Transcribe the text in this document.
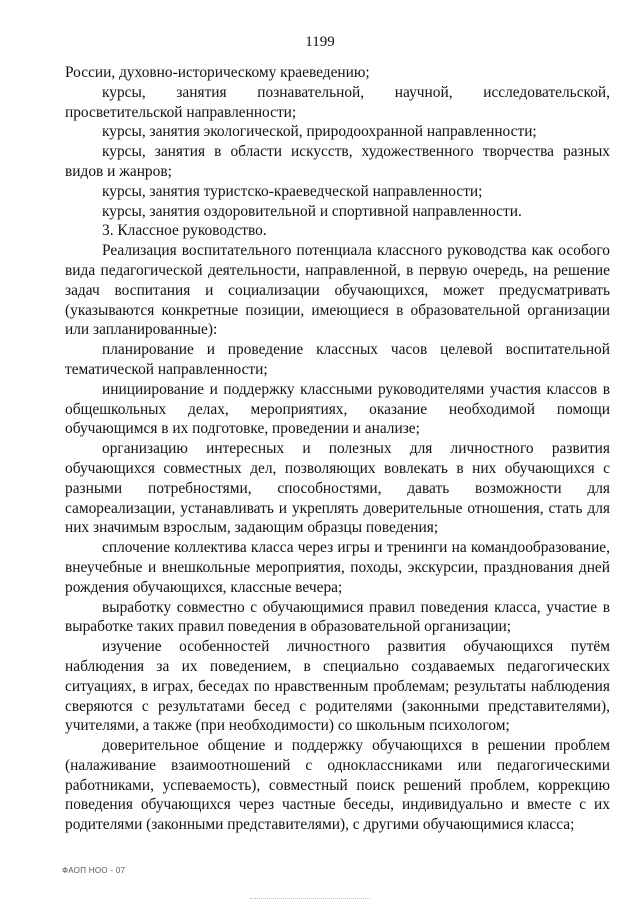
1199

России, духовно-историческому краеведению;

курсы, занятия познавательной, научной, исследовательской, просветительской направленности;

курсы, занятия экологической, природоохранной направленности;

курсы, занятия в области искусств, художественного творчества разных видов и жанров;

курсы, занятия туристско-краеведческой направленности;

курсы, занятия оздоровительной и спортивной направленности.

3. Классное руководство.

Реализация воспитательного потенциала классного руководства как особого вида педагогической деятельности, направленной, в первую очередь, на решение задач воспитания и социализации обучающихся, может предусматривать (указываются конкретные позиции, имеющиеся в образовательной организации или запланированные):

планирование и проведение классных часов целевой воспитательной тематической направленности;

инициирование и поддержку классными руководителями участия классов в общешкольных делах, мероприятиях, оказание необходимой помощи обучающимся в их подготовке, проведении и анализе;

организацию интересных и полезных для личностного развития обучающихся совместных дел, позволяющих вовлекать в них обучающихся с разными потребностями, способностями, давать возможности для самореализации, устанавливать и укреплять доверительные отношения, стать для них значимым взрослым, задающим образцы поведения;

сплочение коллектива класса через игры и тренинги на командообразование, внеучебные и внешкольные мероприятия, походы, экскурсии, празднования дней рождения обучающихся, классные вечера;

выработку совместно с обучающимися правил поведения класса, участие в выработке таких правил поведения в образовательной организации;

изучение особенностей личностного развития обучающихся путём наблюдения за их поведением, в специально создаваемых педагогических ситуациях, в играх, беседах по нравственным проблемам; результаты наблюдения сверяются с результатами бесед с родителями (законными представителями), учителями, а также (при необходимости) со школьным психологом;

доверительное общение и поддержку обучающихся в решении проблем (налаживание взаимоотношений с одноклассниками или педагогическими работниками, успеваемость), совместный поиск решений проблем, коррекцию поведения обучающихся через частные беседы, индивидуально и вместе с их родителями (законными представителями), с другими обучающимися класса;

ФАОП НОО - 07
